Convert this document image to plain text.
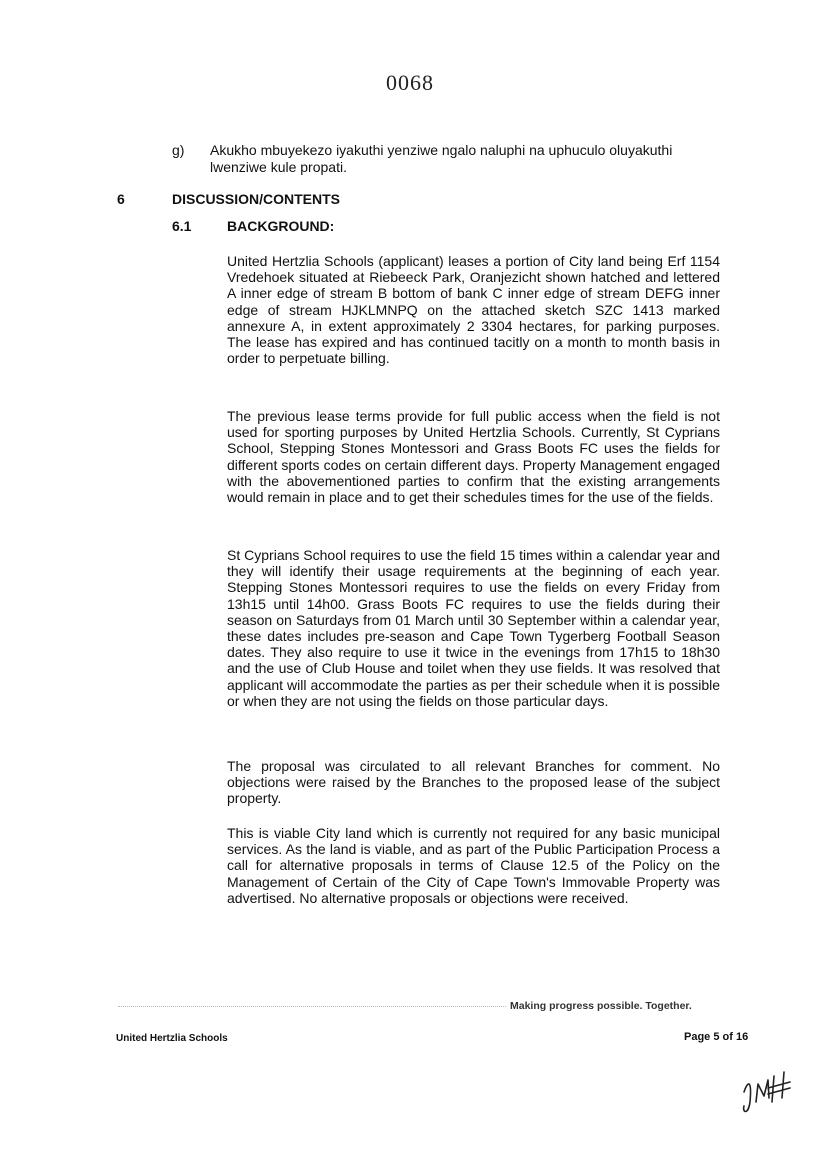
0068
g) Akukho mbuyekezo iyakuthi yenziwe ngalo naluphi na uphuculo oluyakuthi lwenziwe kule propati.
6	DISCUSSION/CONTENTS
6.1	BACKGROUND:
United Hertzlia Schools (applicant) leases a portion of City land being Erf 1154 Vredehoek situated at Riebeeck Park, Oranjezicht shown hatched and lettered A inner edge of stream B bottom of bank C inner edge of stream DEFG inner edge of stream HJKLMNPQ on the attached sketch SZC 1413 marked annexure A, in extent approximately 2 3304 hectares, for parking purposes. The lease has expired and has continued tacitly on a month to month basis in order to perpetuate billing.
The previous lease terms provide for full public access when the field is not used for sporting purposes by United Hertzlia Schools. Currently, St Cyprians School, Stepping Stones Montessori and Grass Boots FC uses the fields for different sports codes on certain different days. Property Management engaged with the abovementioned parties to confirm that the existing arrangements would remain in place and to get their schedules times for the use of the fields.
St Cyprians School requires to use the field 15 times within a calendar year and they will identify their usage requirements at the beginning of each year. Stepping Stones Montessori requires to use the fields on every Friday from 13h15 until 14h00. Grass Boots FC requires to use the fields during their season on Saturdays from 01 March until 30 September within a calendar year, these dates includes pre-season and Cape Town Tygerberg Football Season dates. They also require to use it twice in the evenings from 17h15 to 18h30 and the use of Club House and toilet when they use fields. It was resolved that applicant will accommodate the parties as per their schedule when it is possible or when they are not using the fields on those particular days.
The proposal was circulated to all relevant Branches for comment. No objections were raised by the Branches to the proposed lease of the subject property.
This is viable City land which is currently not required for any basic municipal services. As the land is viable, and as part of the Public Participation Process a call for alternative proposals in terms of Clause 12.5 of the Policy on the Management of Certain of the City of Cape Town's Immovable Property was advertised. No alternative proposals or objections were received.
Making progress possible. Together.
United Hertzlia Schools	Page 5 of 16
